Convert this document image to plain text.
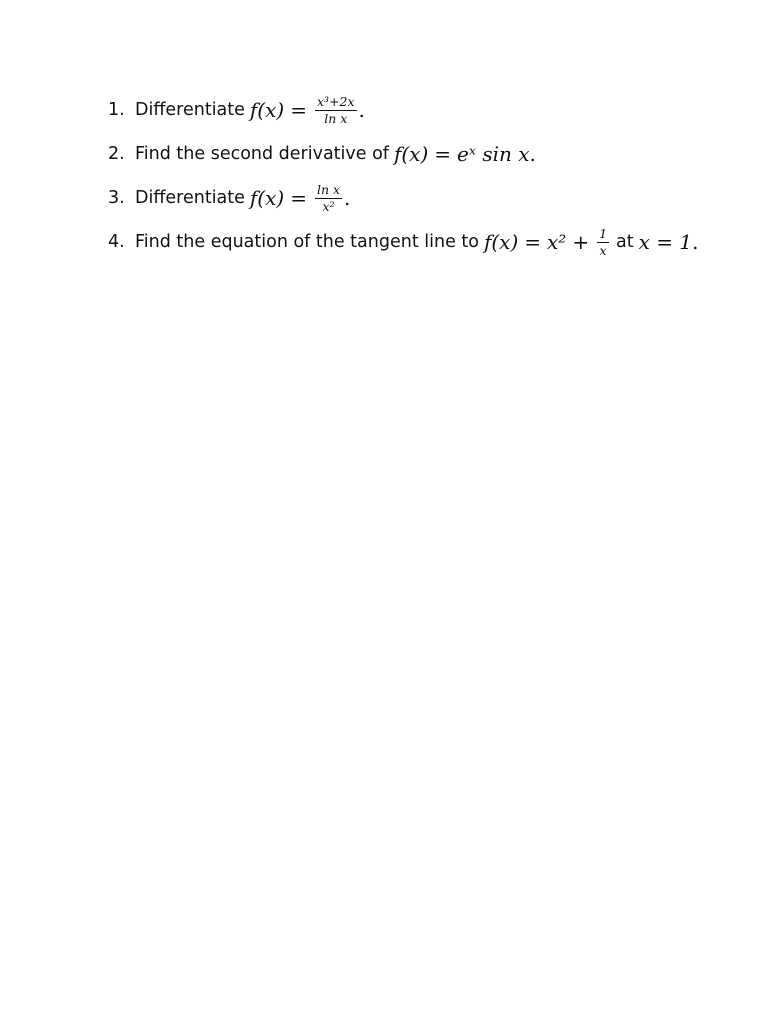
1. Differentiate $f(x) = \frac{\text{x³+2x}}{\text{ln x}}$ .
2. Find the second derivative of f(x) = eˣ sin x .
3. Differentiate $f(x) = \frac{\text{ln x}}{\text{x²}}$ .
4. Find the equation of the tangent line to $f(x) = x^2 + \frac{1}{x}$ at x = 1 .
